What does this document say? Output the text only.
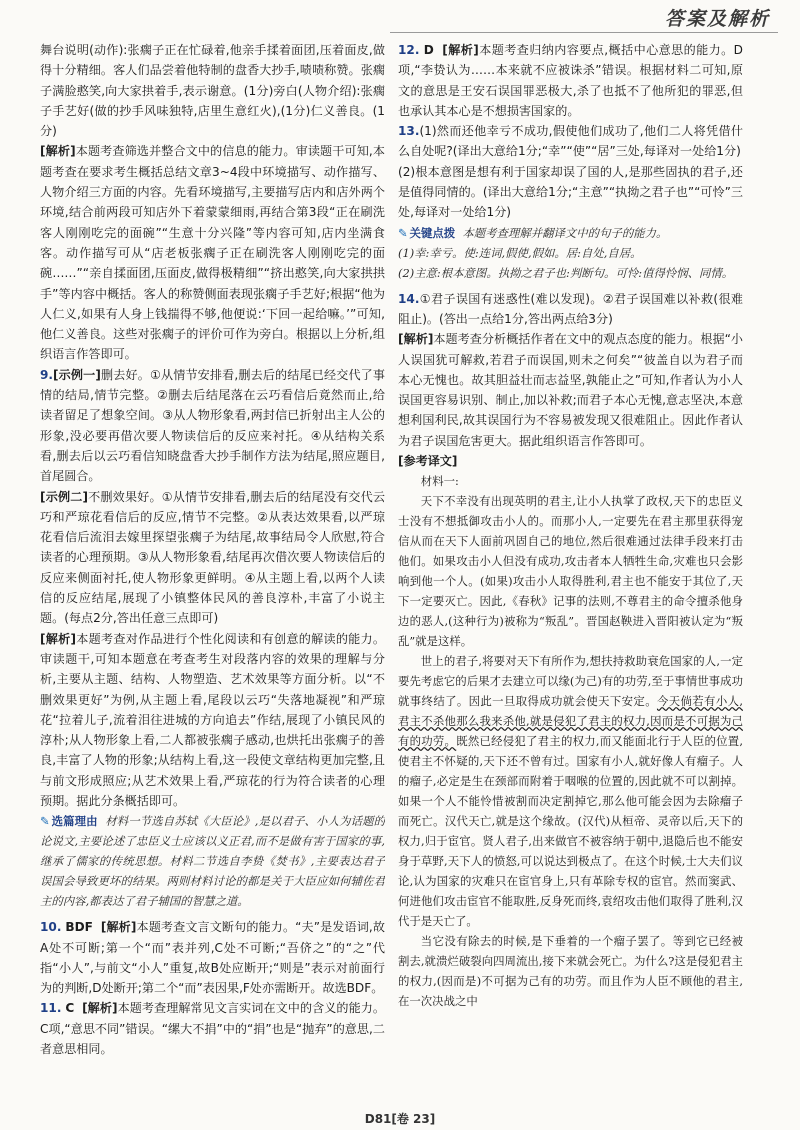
答案及解析

舞台说明(动作):张瘸子正在忙碌着,他亲手揉着面团,压着面皮,做得十分精细。客人们品尝着他特制的盘香大抄手,啧啧称赞。张瘸子满脸憨笑,向大家拱着手,表示谢意。(1分)旁白(人物介绍):张瘸子手艺好(做的抄手风味独特,店里生意红火),(1分)仁义善良。(1分)

[解析]本题考查筛选并整合文中的信息的能力。审读题干可知,本题考查在要求考生概括总结文章3~4段中环境描写、动作描写、人物介绍三方面的内容。先看环境描写,主要描写店内和店外两个环境,结合前两段可知店外下着蒙蒙细雨,再结合第3段“正在刷洗客人刚刚吃完的面碗”“生意十分兴隆”等内容可知,店内坐满食客。动作描写可从“店老板张瘸子正在刷洗客人刚刚吃完的面碗……”“亲自揉面团,压面皮,做得极精细”“挤出憨笑,向大家拱拱手”等内容中概括。客人的称赞侧面表现张瘸子手艺好;根据“他为人仁义,如果有人身上钱揣得不够,他便说:‘下回一起给嘛。’”可知,他仁义善良。这些对张瘸子的评价可作为旁白。根据以上分析,组织语言作答即可。

9.[示例一]删去好。①从情节安排看,删去后的结尾已经交代了事情的结局,情节完整。②删去后结尾落在云巧看信后竟然而止,给读者留足了想象空间。③从人物形象看,两封信已折射出主人公的形象,没必要再借次要人物读信后的反应来衬托。④从结构关系看,删去后以云巧看信知晓盘香大抄手制作方法为结尾,照应题目,首尾圆合。

[示例二]不删效果好。①从情节安排看,删去后的结尾没有交代云巧和严琼花看信后的反应,情节不完整。②从表达效果看,以严琼花看信后流泪去嫁里探望张瘸子为结尾,故事结局令人欣慰,符合读者的心理预期。③从人物形象看,结尾再次借次要人物读信后的反应来侧面衬托,使人物形象更鲜明。④从主题上看,以两个人读信的反应结尾,展现了小镇整体民风的善良淳朴,丰富了小说主题。(每点2分,答出任意三点即可)

[解析]本题考查对作品进行个性化阅读和有创意的解读的能力。审读题干,可知本题意在考查考生对段落内容的效果的理解与分析,主要从主题、结构、人物塑造、艺术效果等方面分析。以“不删效果更好”为例,从主题上看,尾段以云巧“失落地凝视”和严琼花“拉着儿子,流着泪往进城的方向追去”作结,展现了小镇民风的淳朴;从人物形象上看,二人都被张瘸子感动,也烘托出张瘸子的善良,丰富了人物的形象;从结构上看,这一段使文章结构更加完整,且与前文形成照应;从艺术效果上看,严琼花的行为符合读者的心理预期。据此分条概括即可。

✎ 选篇理由 材料一节选自苏轼《大臣论》,是以君子、小人为话题的论说文,主要论述了忠臣义士应该以义正君,而不是做有害于国家的事,继承了儒家的传统思想。材料二节选自李贽《焚书》,主要表达君子误国会导致更坏的结果。两则材料讨论的都是关于大臣应如何辅佐君主的内容,都表达了君子辅国的智慧之道。

10. BDF [解析]本题考查文言文断句的能力。“夫”是发语词,故A处不可断;第一个“而”表并列,C处不可断;“吾侪之”的“之”代指“小人”,与前文“小人”重复,故B处应断开;“则是”表示对前面行为的判断,D处断开;第二个“而”表因果,F处亦需断开。故选BDF。

11. C [解析]本题考查理解常见文言实词在文中的含义的能力。C项,“意思不同”错误。“缧大不捐”中的“捐”也是“抛弃”的意思,二者意思相同。

12. D [解析]本题考查归纳内容要点,概括中心意思的能力。D项,“李贽认为……本来就不应被诛杀”错误。根据材料二可知,原文的意思是王安石误国罪恶极大,杀了也抵不了他所犯的罪恶,但也承认其本心是不想损害国家的。

13.(1)然而还他幸亏不成功,假使他们成功了,他们二人将凭借什么自处呢?(译出大意给1分;“幸”“使”“居”三处,每译对一处给1分)

(2)根本意图是想有利于国家却误了国的人,是那些固执的君子,还是值得同情的。(译出大意给1分;“主意”“执拗之君子也”“可怜”三处,每译对一处给1分)

✎ 关键点拨 本题考查理解并翻译文中的句子的能力。

(1)幸:幸亏。使:连词,假使,假如。居:自处,自居。

(2)主意:根本意图。执拗之君子也:判断句。可怜:值得怜悯、同情。

14.①君子误国有迷惑性(难以发现)。②君子误国难以补救(很难阻止)。(答出一点给1分,答出两点给3分)

[解析]本题考查分析概括作者在文中的观点态度的能力。根据“小人误国犹可解救,若君子而误国,则未之何矣”“彼盖自以为君子而本心无愧也。故其胆益壮而志益坚,孰能止之”可知,作者认为小人误国更容易识别、制止,加以补救;而君子本心无愧,意志坚决,本意想利国利民,故其误国行为不容易被发现又很难阻止。因此作者认为君子误国危害更大。据此组织语言作答即可。

[参考译文]

材料一:

天下不幸没有出现英明的君主,让小人执掌了政权,天下的忠臣义士没有不想抵御攻击小人的。而那小人,一定要先在君主那里获得宠信从而在天下人面前巩固自己的地位,然后很难通过法律手段来打击他们。如果攻击小人但没有成功,攻击者本人牺牲生命,灾难也只会影响到他一个人。(如果)攻击小人取得胜利,君主也不能安于其位了,天下一定要灭亡。因此,《春秋》记事的法则,不尊君主的命令擅杀他身边的恶人,(这种行为)被称为“叛乱”。晋国赵鞅进入晋阳被认定为“叛乱”就是这样。

世上的君子,将要对天下有所作为,想扶持救助衰危国家的人,一定要先考虑它的后果才去建立可以缘(为己)有的功劳,至于事情世事成功就事终结了。因此一旦取得成功就会使天下安定。今天倘若有小人,君主不杀他那么我来杀他,就是侵犯了君主的权力,因而是不可据为己有的功劳。既然已经侵犯了君主的权力,而又能面北行于人臣的位置,使君主不怀疑的,天下还不曾有过。国家有小人,就好像人有瘤子。人的瘤子,必定是生在颈部而附着于咽喉的位置的,因此就不可以割掉。如果一个人不能怜惜被割而决定割掉它,那么他可能会因为去除瘤子而死亡。汉代天亡,就是这个缘故。(汉代)从桓帝、灵帝以后,天下的权力,归于宦官。贤人君子,出来做官不被容纳于朝中,退隐后也不能安身于草野,天下人的愤怒,可以说达到极点了。在这个时候,士大夫们议论,认为国家的灾难只在宦官身上,只有革除专权的宦官。然而窦武、何进他们攻击宦官不能取胜,反身死而终,袁绍攻击他们取得了胜利,汉代于是天亡了。

当它没有除去的时候,是下垂着的一个瘤子罢了。等到它已经被割去,就溃烂破裂向四周流出,接下来就会死亡。为什么?这是侵犯君主的权力,(因而是)不可据为己有的功劳。而且作为人臣不顾他的君主,在一次决战之中

D81[卷 23]
